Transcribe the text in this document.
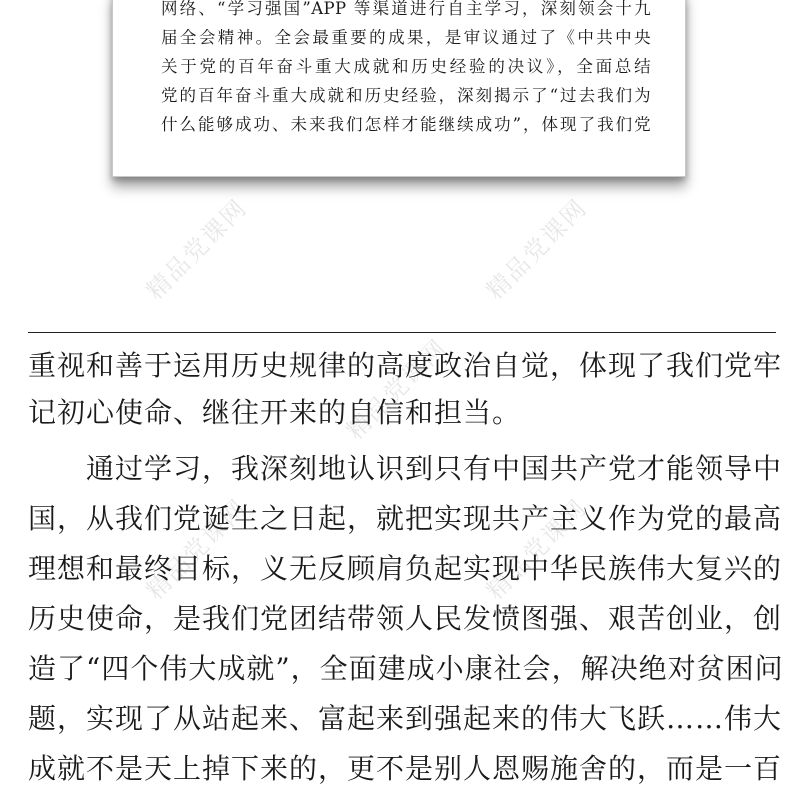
网络、“学习强国”APP 等渠道进行自主学习，深刻领会十九
届全会精神。全会最重要的成果，是审议通过了《中共中央
关于党的百年奋斗重大成就和历史经验的决议》，全面总结
党的百年奋斗重大成就和历史经验，深刻揭示了“过去我们为
什么能够成功、未来我们怎样才能继续成功”，体现了我们党
精品党课网	精品党课网
精品党课网
精品党课网	精品党课网
重视和善于运用历史规律的高度政治自觉，体现了我们党牢
记初心使命、继往开来的自信和担当。
　　通过学习，我深刻地认识到只有中国共产党才能领导中
国，从我们党诞生之日起，就把实现共产主义作为党的最高
理想和最终目标，义无反顾肩负起实现中华民族伟大复兴的
历史使命，是我们党团结带领人民发愤图强、艰苦创业，创
造了“四个伟大成就”，全面建成小康社会，解决绝对贫困问
题，实现了从站起来、富起来到强起来的伟大飞跃……伟大
成就不是天上掉下来的，更不是别人恩赐施舍的，而是一百
